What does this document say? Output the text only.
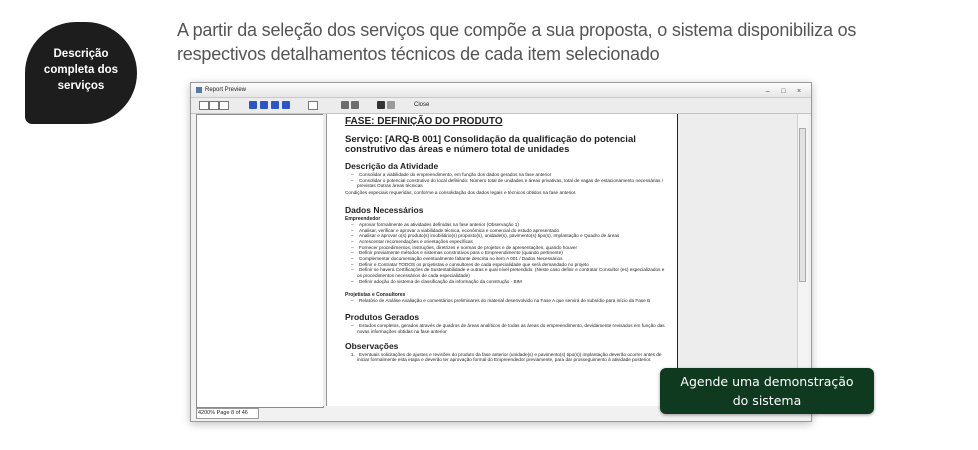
Descrição
completa dos
serviços
A partir da seleção dos serviços que compõe a sua proposta, o sistema disponibiliza os
respectivos detalhamentos técnicos de cada item selecionado
Report Preview	– □ ×
Close
FASE: DEFINIÇÃO DO PRODUTO
Serviço: [ARQ-B 001] Consolidação da qualificação do potencial construtivo das áreas e número total de unidades
Descrição da Atividade
– Consolidar a viabilidade do empreendimento, em função dos dados gerados na fase anterior
– Consolidar o potencial construtivo do local definindo: Número total de unidades e áreas privativas, total de vagas de estacionamento necessárias / previstas Outras áreas técnicas
Condições especiais requeridas, conforme a consolidação dos dados legais e técnicos obtidos na fase anterior.
Dados Necessários
Empreendedor
– Aprovar formalmente as atividades definidas na fase anterior (Observação 1)
– Analisar, verificar e aprovar a viabilidade técnica, econômica e comercial do estudo apresentado
– Analisar e aprovar o(s) produto(s) imobiliário(s) proposto(s), unidade(s), pavimento(s) tipo(s), Implantação e Quadro de áreas
– Acrescentar recomendações e orientações específicas
– Fornecer procedimentos, instruções, diretrizes e normas de projetos e de apresentações, quando houver
– Definir previamente métodos e sistemas construtivos para o Empreendimento (quando pertinente)
– Complementar documentação eventualmente faltante descrita no item A 001 / Dados Necessários
– Definir e Contratar TODOS os projetistas e consultores de cada especialidade que será demandado no projeto
– Definir se haverá Certificações de Sustentabilidade e outras e qual nível pretendido. (Neste caso definir e contratar Consultor (es) especializados e os procedimentos necessários de cada especialidade)
– Definir adoção do sistema de classificação da informação da construção - BIM
Projetistas e Consultores
– Relatório de Análise Avaliação e comentários preliminares do material desenvolvido na Fase A que servirá de subsídio para início da Fase B
Produtos Gerados
– Estudos completos, gerados através de quadros de áreas analíticos de todas as áreas do empreendimento, devidamente revisados em função das novas informações obtidas na fase anterior
Observações
1. Eventuais solicitações de ajustes e revisões do produto da fase anterior (unidade(s) e pavimento(s) tipo(s)) implantação deverão ocorrer antes de iniciar formalmente esta etapa e deverão ter aprovação formal do Empreendedor previamente, para dar prosseguimento à atividade posterior.
4200% Page 8 of 46
Agende uma demonstração
do sistema
